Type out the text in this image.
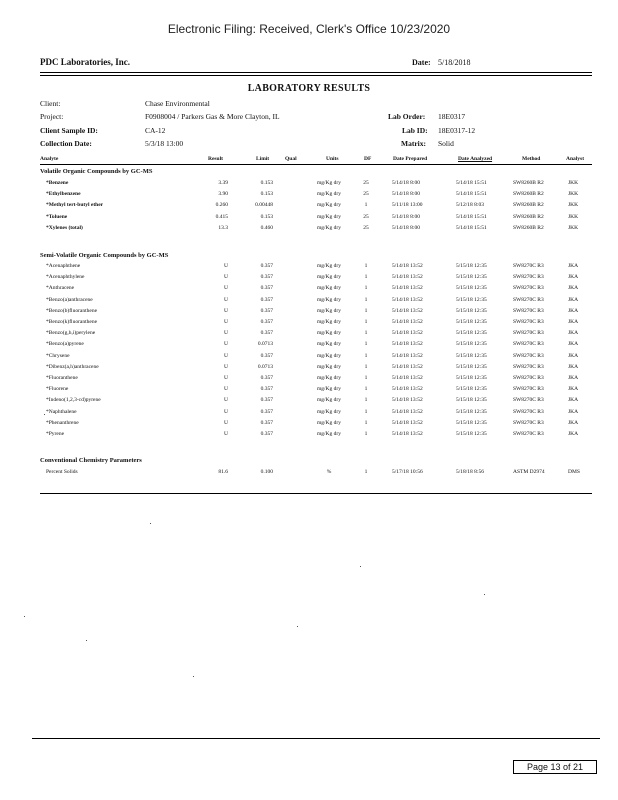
Electronic Filing: Received, Clerk's Office 10/23/2020
PDC Laboratories, Inc.	Date: 5/18/2018
LABORATORY RESULTS
Client:	Chase Environmental
Project:	F0908004 / Parkers Gas & More Clayton, IL
Client Sample ID:	CA-12
Collection Date:	5/3/18 13:00
Lab Order: 18E0317
Lab ID: 18E0317-12
Matrix: Solid
Analyte	Result	Limit	Qual	Units	DF	Date Prepared	Date Analyzed	Method	Analyst
Volatile Organic Compounds by GC-MS
*Benzene	3.39	0.153	mg/Kg dry	25	5/14/18 8:00	5/14/18 15:51	SW8260B R2	JKK
*Ethylbenzene	3.90	0.153	mg/Kg dry	25	5/14/18 8:00	5/14/18 15:51	SW8260B R2	JKK
*Methyl tert-butyl ether	0.260	0.00448	mg/Kg dry	1	5/11/18 13:00	5/12/18 8:03	SW8260B R2	JKK
*Toluene	0.415	0.153	mg/Kg dry	25	5/14/18 8:00	5/14/18 15:51	SW8260B R2	JKK
*Xylenes (total)	13.3	0.460	mg/Kg dry	25	5/14/18 8:00	5/14/18 15:51	SW8260B R2	JKK
Semi-Volatile Organic Compounds by GC-MS
*Acenaphthene	U	0.357	mg/Kg dry	1	5/14/18 13:52	5/15/18 12:35	SW8270C R3	JKA
*Acenaphthylene	U	0.357	mg/Kg dry	1	5/14/18 13:52	5/15/18 12:35	SW8270C R3	JKA
*Anthracene	U	0.357	mg/Kg dry	1	5/14/18 13:52	5/15/18 12:35	SW8270C R3	JKA
*Benzo(a)anthracene	U	0.357	mg/Kg dry	1	5/14/18 13:52	5/15/18 12:35	SW8270C R3	JKA
*Benzo(b)fluoranthene	U	0.357	mg/Kg dry	1	5/14/18 13:52	5/15/18 12:35	SW8270C R3	JKA
*Benzo(k)fluoranthene	U	0.357	mg/Kg dry	1	5/14/18 13:52	5/15/18 12:35	SW8270C R3	JKA
*Benzo(g,h,i)perylene	U	0.357	mg/Kg dry	1	5/14/18 13:52	5/15/18 12:35	SW8270C R3	JKA
*Benzo(a)pyrene	U	0.0713	mg/Kg dry	1	5/14/18 13:52	5/15/18 12:35	SW8270C R3	JKA
*Chrysene	U	0.357	mg/Kg dry	1	5/14/18 13:52	5/15/18 12:35	SW8270C R3	JKA
*Dibenz(a,h)anthracene	U	0.0713	mg/Kg dry	1	5/14/18 13:52	5/15/18 12:35	SW8270C R3	JKA
*Fluoranthene	U	0.357	mg/Kg dry	1	5/14/18 13:52	5/15/18 12:35	SW8270C R3	JKA
*Fluorene	U	0.357	mg/Kg dry	1	5/14/18 13:52	5/15/18 12:35	SW8270C R3	JKA
*Indeno(1,2,3-cd)pyrene	U	0.357	mg/Kg dry	1	5/14/18 13:52	5/15/18 12:35	SW8270C R3	JKA
*Naphthalene	U	0.357	mg/Kg dry	1	5/14/18 13:52	5/15/18 12:35	SW8270C R3	JKA
*Phenanthrene	U	0.357	mg/Kg dry	1	5/14/18 13:52	5/15/18 12:35	SW8270C R3	JKA
*Pyrene	U	0.357	mg/Kg dry	1	5/14/18 13:52	5/15/18 12:35	SW8270C R3	JKA
Conventional Chemistry Parameters
Percent Solids	81.6	0.100	%	1	5/17/18 10:56	5/18/18 8:56	ASTM D2974	DMS
Page 13 of 21
